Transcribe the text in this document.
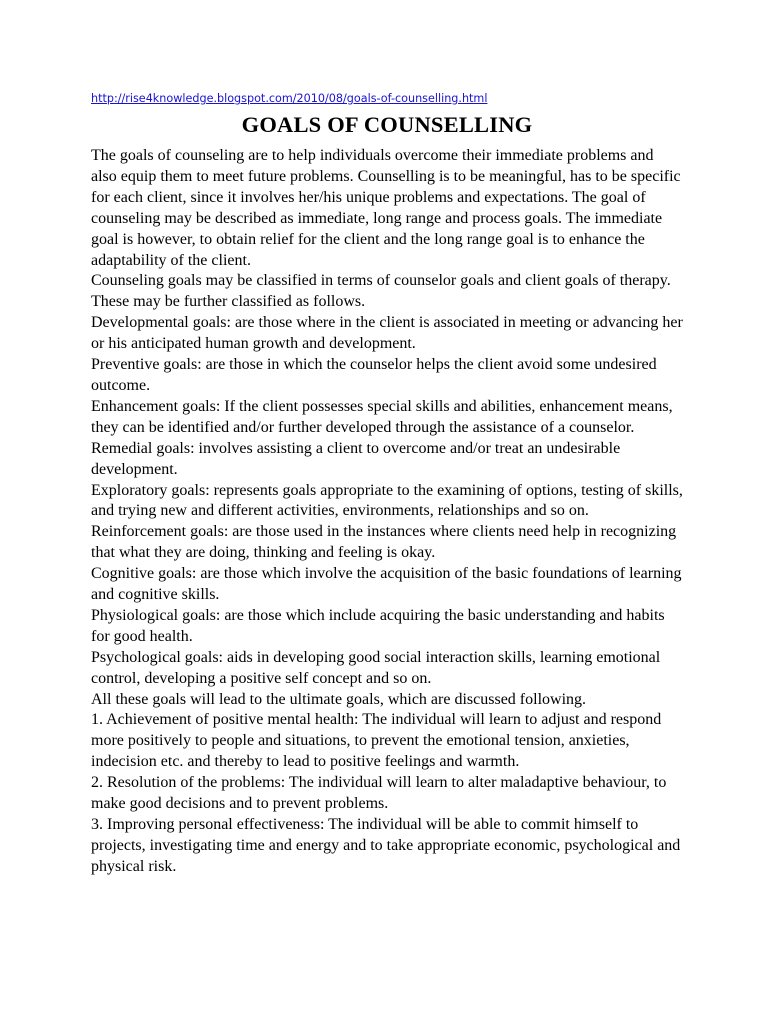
http://rise4knowledge.blogspot.com/2010/08/goals-of-counselling.html
GOALS OF COUNSELLING

The goals of counseling are to help individuals overcome their immediate problems and also equip them to meet future problems. Counselling is to be meaningful, has to be specific for each client, since it involves her/his unique problems and expectations. The goal of counseling may be described as immediate, long range and process goals. The immediate goal is however, to obtain relief for the client and the long range goal is to enhance the adaptability of the client.

Counseling goals may be classified in terms of counselor goals and client goals of therapy. These may be further classified as follows.

Developmental goals: are those where in the client is associated in meeting or advancing her or his anticipated human growth and development.

Preventive goals: are those in which the counselor helps the client avoid some undesired outcome.

Enhancement goals: If the client possesses special skills and abilities, enhancement means, they can be identified and/or further developed through the assistance of a counselor.

Remedial goals: involves assisting a client to overcome and/or treat an undesirable development.

Exploratory goals: represents goals appropriate to the examining of options, testing of skills, and trying new and different activities, environments, relationships and so on.

Reinforcement goals: are those used in the instances where clients need help in recognizing that what they are doing, thinking and feeling is okay.

Cognitive goals: are those which involve the acquisition of the basic foundations of learning and cognitive skills.

Physiological goals: are those which include acquiring the basic understanding and habits for good health.

Psychological goals: aids in developing good social interaction skills, learning emotional control, developing a positive self concept and so on.

All these goals will lead to the ultimate goals, which are discussed following.

1. Achievement of positive mental health: The individual will learn to adjust and respond more positively to people and situations, to prevent the emotional tension, anxieties, indecision etc. and thereby to lead to positive feelings and warmth.

2. Resolution of the problems: The individual will learn to alter maladaptive behaviour, to make good decisions and to prevent problems.

3. Improving personal effectiveness: The individual will be able to commit himself to projects, investigating time and energy and to take appropriate economic, psychological and physical risk.
